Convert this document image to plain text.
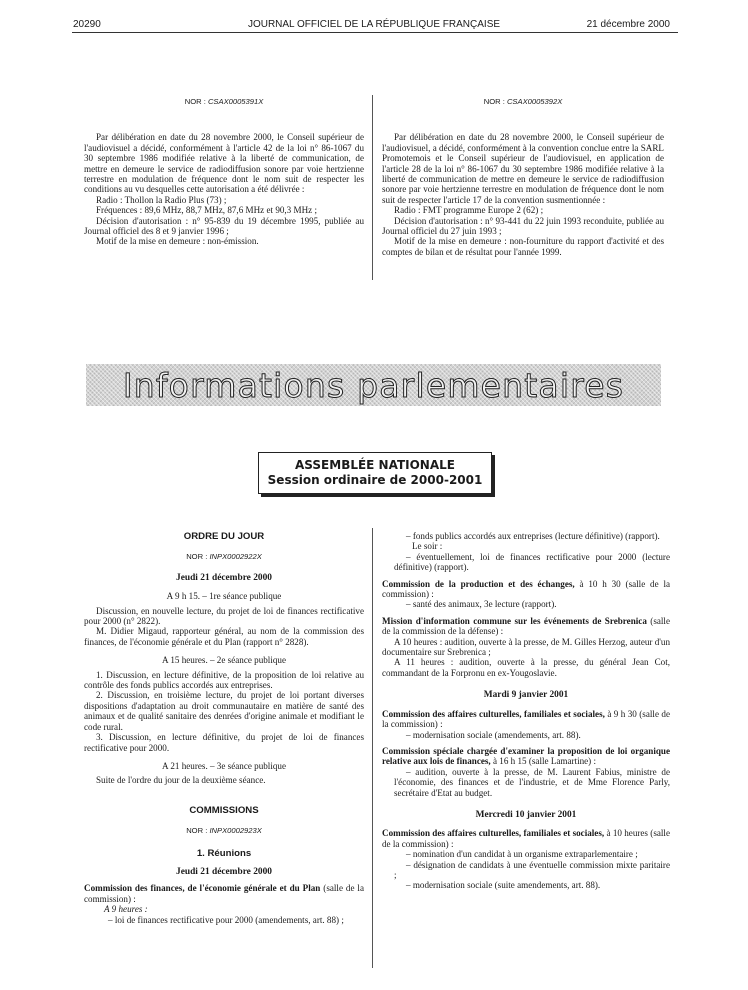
20290	JOURNAL OFFICIEL DE LA RÉPUBLIQUE FRANÇAISE	21 décembre 2000
NOR : CSAX0005391X

Par délibération en date du 28 novembre 2000, le Conseil supérieur de l'audiovisuel a décidé, conformément à l'article 42 de la loi n° 86-1067 du 30 septembre 1986 modifiée relative à la liberté de communication, de mettre en demeure le service de radiodiffusion sonore par voie hertzienne terrestre en modulation de fréquence dont le nom suit de respecter les conditions au vu desquelles cette autorisation a été délivrée :

Radio : Thollon la Radio Plus (73) ;

Fréquences : 89,6 MHz, 88,7 MHz, 87,6 MHz et 90,3 MHz ;

Décision d'autorisation : n° 95-839 du 19 décembre 1995, publiée au Journal officiel des 8 et 9 janvier 1996 ;

Motif de la mise en demeure : non-émission.

NOR : CSAX0005392X

Par délibération en date du 28 novembre 2000, le Conseil supérieur de l'audiovisuel, a décidé, conformément à la convention conclue entre la SARL Promotemois et le Conseil supérieur de l'audiovisuel, en application de l'article 28 de la loi n° 86-1067 du 30 septembre 1986 modifiée relative à la liberté de communication de mettre en demeure le service de radiodiffusion sonore par voie hertzienne terrestre en modulation de fréquence dont le nom suit de respecter l'article 17 de la convention susmentionnée :

Radio : FMT programme Europe 2 (62) ;

Décision d'autorisation : n° 93-441 du 22 juin 1993 reconduite, publiée au Journal officiel du 27 juin 1993 ;

Motif de la mise en demeure : non-fourniture du rapport d'activité et des comptes de bilan et de résultat pour l'année 1999.

Informations parlementaires
ASSEMBLÉE NATIONALE
Session ordinaire de 2000-2001
ORDRE DU JOUR
NOR : INPX0002922X
Jeudi 21 décembre 2000
A 9 h 15. – 1re séance publique

Discussion, en nouvelle lecture, du projet de loi de finances rectificative pour 2000 (n° 2822).

M. Didier Migaud, rapporteur général, au nom de la commission des finances, de l'économie générale et du Plan (rapport n° 2828).

A 15 heures. – 2e séance publique

1. Discussion, en lecture définitive, de la proposition de loi relative au contrôle des fonds publics accordés aux entreprises.

2. Discussion, en troisième lecture, du projet de loi portant diverses dispositions d'adaptation au droit communautaire en matière de santé des animaux et de qualité sanitaire des denrées d'origine animale et modifiant le code rural.

3. Discussion, en lecture définitive, du projet de loi de finances rectificative pour 2000.

A 21 heures. – 3e séance publique

Suite de l'ordre du jour de la deuxième séance.

COMMISSIONS
NOR : INPX0002923X
1. Réunions
Jeudi 21 décembre 2000

Commission des finances, de l'économie générale et du Plan (salle de la commission) :

A 9 heures :

– loi de finances rectificative pour 2000 (amendements, art. 88) ;

– fonds publics accordés aux entreprises (lecture définitive) (rapport).

Le soir :

– éventuellement, loi de finances rectificative pour 2000 (lecture définitive) (rapport).

Commission de la production et des échanges, à 10 h 30 (salle de la commission) :

– santé des animaux, 3e lecture (rapport).

Mission d'information commune sur les événements de Srebrenica (salle de la commission de la défense) :

A 10 heures : audition, ouverte à la presse, de M. Gilles Herzog, auteur d'un documentaire sur Srebrenica ;

A 11 heures : audition, ouverte à la presse, du général Jean Cot, commandant de la Forpronu en ex-Yougoslavie.

Mardi 9 janvier 2001

Commission des affaires culturelles, familiales et sociales, à 9 h 30 (salle de la commission) :

– modernisation sociale (amendements, art. 88).

Commission spéciale chargée d'examiner la proposition de loi organique relative aux lois de finances, à 16 h 15 (salle Lamartine) :

– audition, ouverte à la presse, de M. Laurent Fabius, ministre de l'économie, des finances et de l'industrie, et de Mme Florence Parly, secrétaire d'Etat au budget.

Mercredi 10 janvier 2001

Commission des affaires culturelles, familiales et sociales, à 10 heures (salle de la commission) :

– nomination d'un candidat à un organisme extraparlementaire ;

– désignation de candidats à une éventuelle commission mixte paritaire ;

– modernisation sociale (suite amendements, art. 88).
